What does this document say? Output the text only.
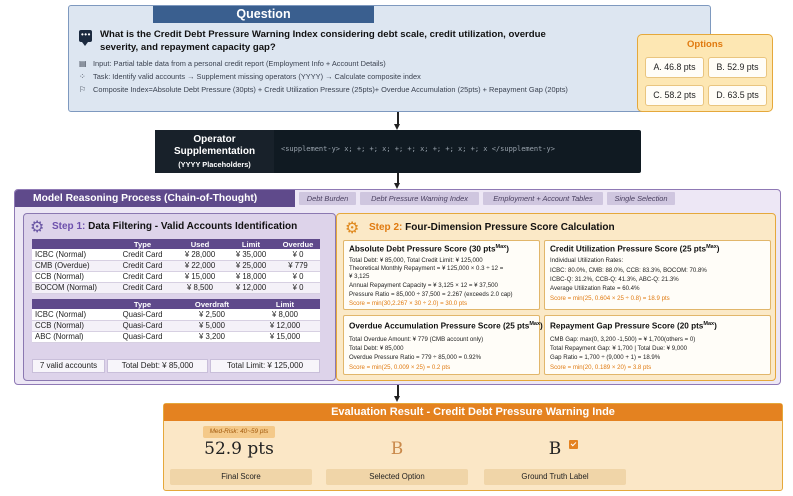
Question
••• What is the Credit Debt Pressure Warning Index considering debt scale, credit utilization, overdue severity, and repayment capacity gap?
▤ Input: Partial table data from a personal credit report (Employment Info + Account Details)
⁘ Task: Identify valid accounts → Supplement missing operators (YYYY) → Calculate composite index
⚐ Composite Index=Absolute Debt Pressure (30pts) + Credit Utilization Pressure (25pts)+ Overdue Accumulation (25pts) + Repayment Gap (20pts)
Options
A. 46.8 pts	B. 52.9 pts
C. 58.2 pts	D. 63.5 pts
Operator Supplementation
(YYYY Placeholders)
<supplement-y> x; +; +; x; +; +; x; +; +; x; +; x </supplement-y>
Model Reasoning Process (Chain-of-Thought)	Debt Burden	Debt Pressure Warning Index	Employment + Account Tables	Single Selection
⚙ Step 1: Data Filtering - Valid Accounts Identification
	Type	Used	Limit	Overdue
ICBC (Normal)	Credit Card	¥ 28,000	¥ 35,000	¥ 0
CMB (Overdue)	Credit Card	¥ 22,000	¥ 25,000	¥ 779
CCB (Normal)	Credit Card	¥ 15,000	¥ 18,000	¥ 0
BOCOM (Normal)	Credit Card	¥ 8,500	¥ 12,000	¥ 0
	Type	Overdraft	Limit
ICBC (Normal)	Quasi-Card	¥ 2,500	¥ 8,000
CCB (Normal)	Quasi-Card	¥ 5,000	¥ 12,000
ABC (Normal)	Quasi-Card	¥ 3,200	¥ 15,000
7 valid accounts	Total Debt: ¥ 85,000	Total Limit: ¥ 125,000
⚙ Step 2: Four-Dimension Pressure Score Calculation
Absolute Debt Pressure Score (30 pts$^{Max}$)
Total Debt: ¥ 85,000, Total Credit Limit: ¥ 125,000
Theoretical Monthly Repayment = ¥ 125,000 × 0.3 ÷ 12 =
¥ 3,125
Annual Repayment Capacity = ¥ 3,125 × 12 = ¥ 37,500
Pressure Ratio = 85,000 ÷ 37,500 = 2.267 (exceeds 2.0 cap)
Score = min(30,2.267 × 30 ÷ 2.0) = 30.0 pts
Credit Utilization Pressure Score (25 pts$^{Max}$)
Individual Utilization Rates:
ICBC: 80.0%, CMB: 88.0%, CCB: 83.3%, BOCOM: 70.8%
ICBC-Q: 31.2%, CCB-Q: 41.3%, ABC-Q: 21.3%
Average Utilization Rate = 60.4%
Score = min(25, 0.604 × 25 ÷ 0.8) = 18.9 pts
Overdue Accumulation Pressure Score (25 pts$^{Max}$)
Total Overdue Amount: ¥ 779 (CMB account only)
Total Debt: ¥ 85,000
Overdue Pressure Ratio = 779 ÷ 85,000 = 0.92%
Score = min(25, 0.009 × 25) = 0.2 pts
Repayment Gap Pressure Score (20 pts$^{Max}$)
CMB Gap: max(0, 3,200 -1,500) = ¥ 1,700(others = 0)
Total Repayment Gap: ¥ 1,700 | Total Due: ¥ 9,000
Gap Ratio = 1,700 ÷ (9,000 + 1) = 18.9%
Score = min(20, 0.189 × 20) = 3.8 pts
Evaluation Result - Credit Debt Pressure Warning Inde
Med-Risk: 40~59 pts
52.9 pts	B	B
Final Score	Selected Option	Ground Truth Label
